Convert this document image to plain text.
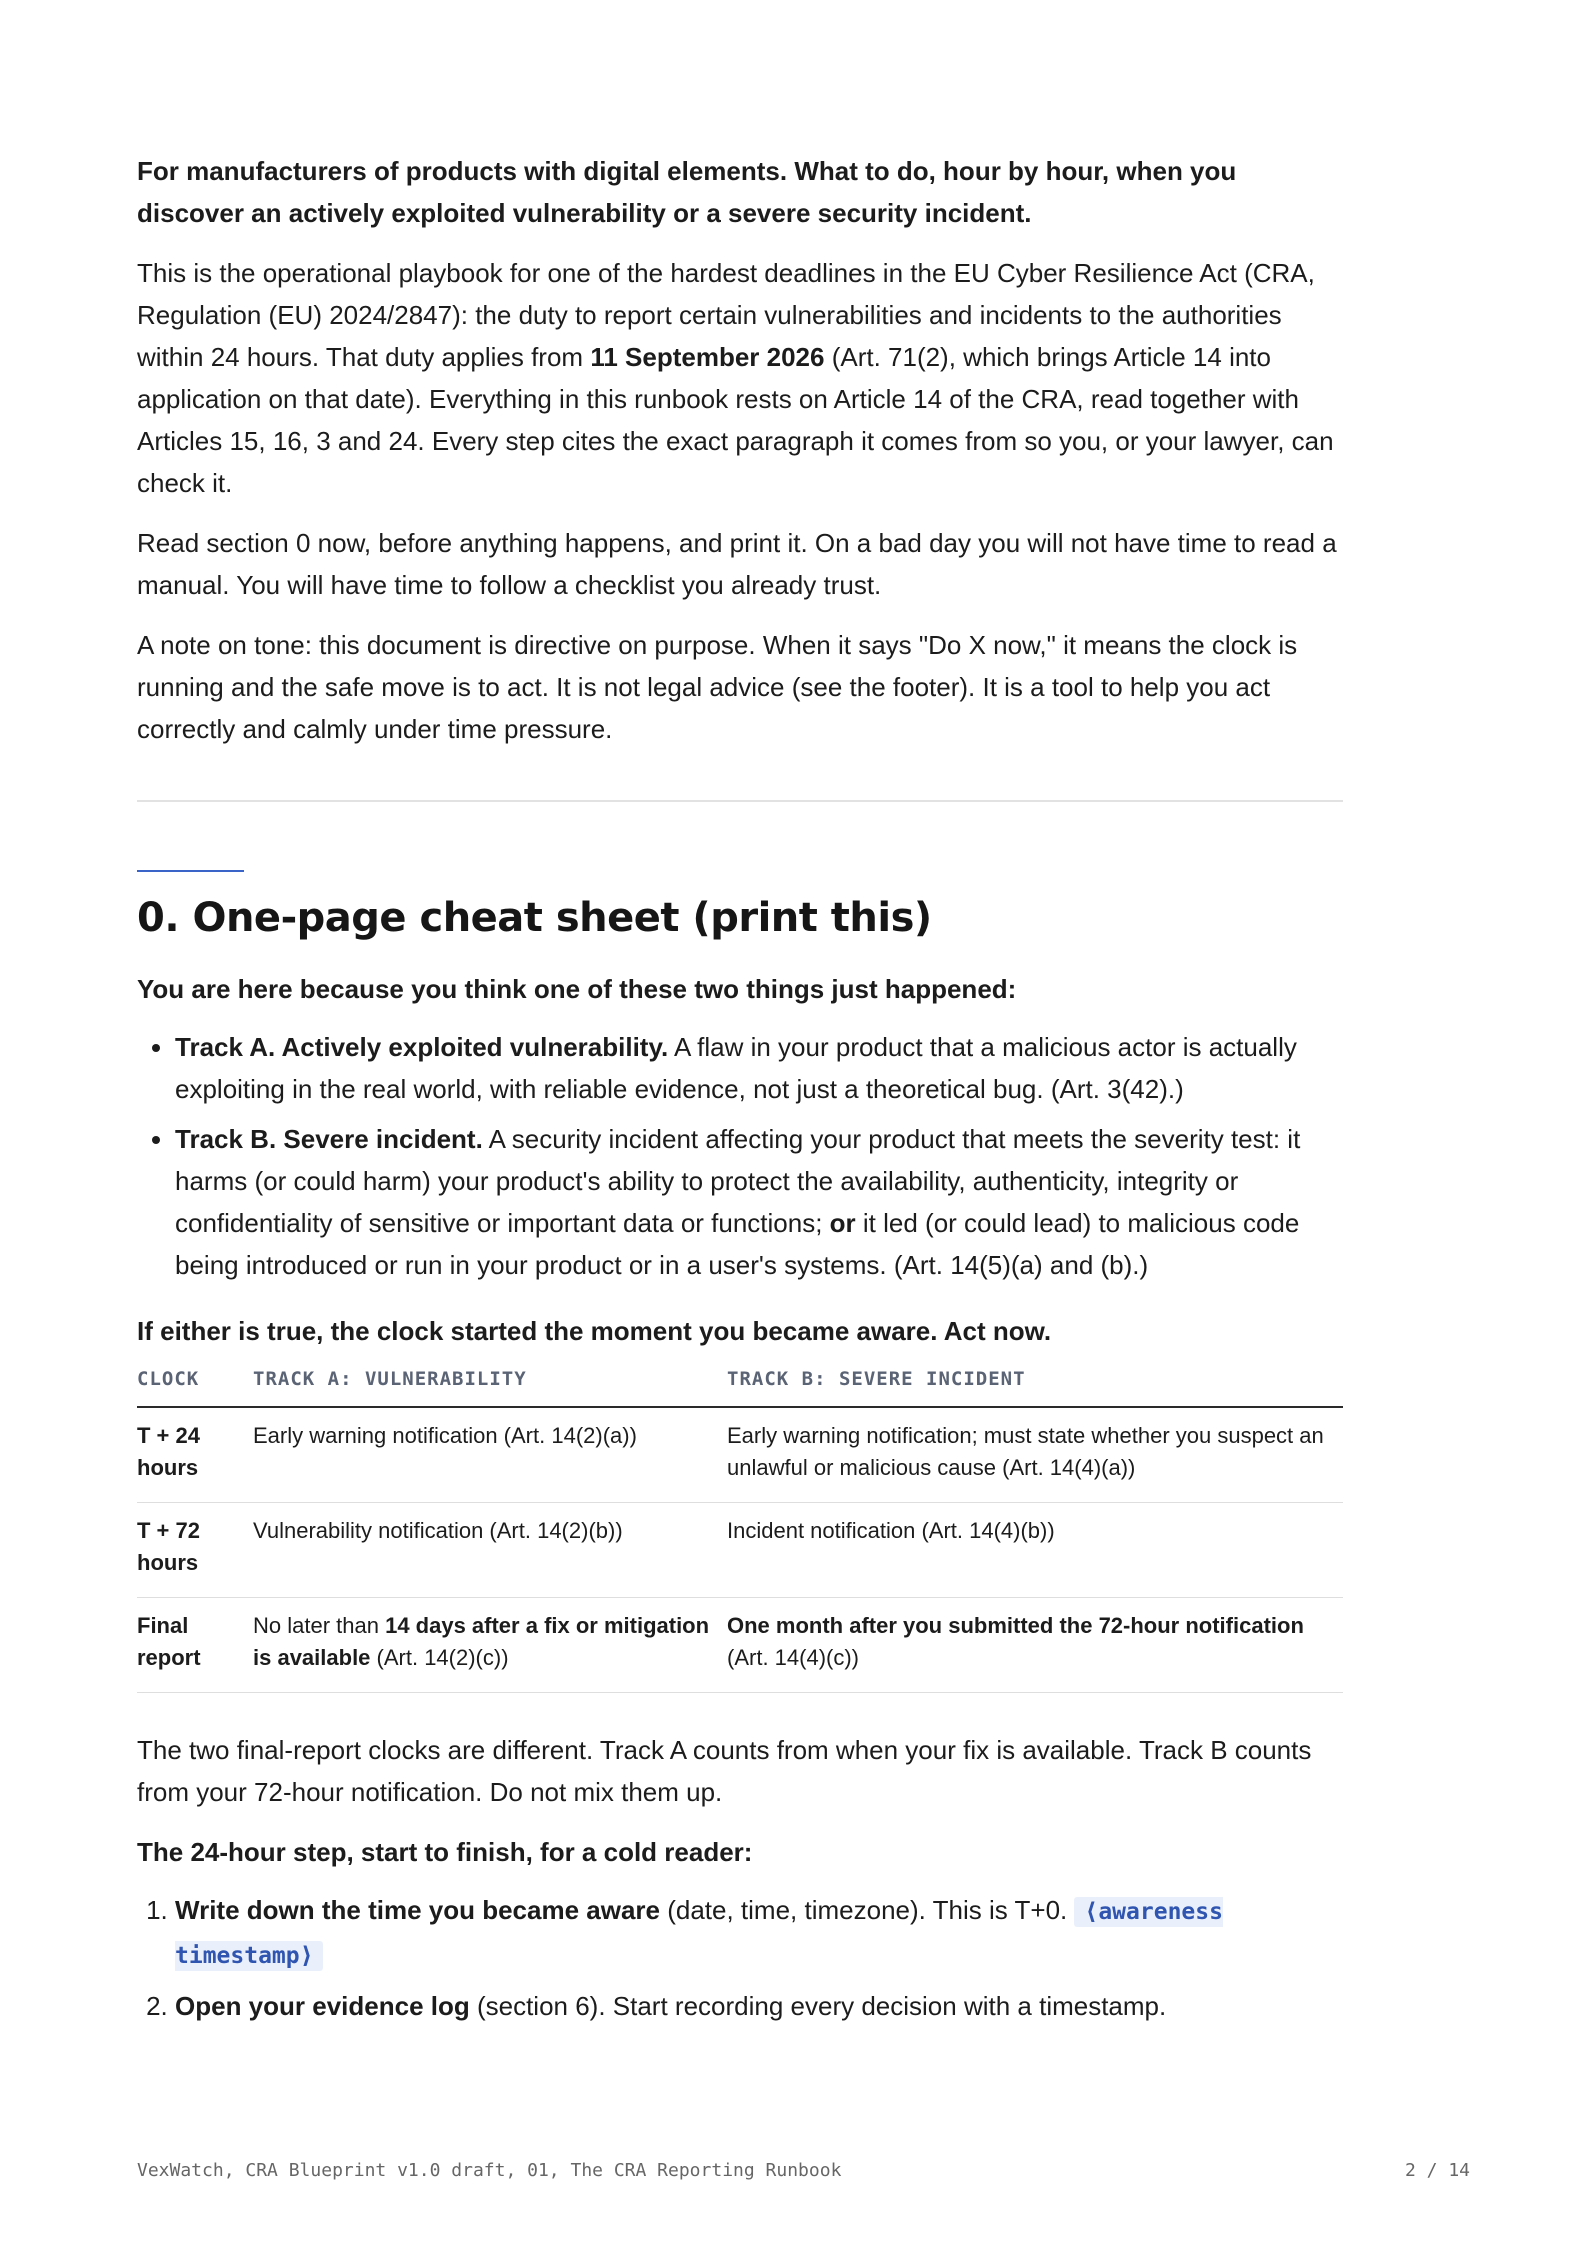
For manufacturers of products with digital elements. What to do, hour by hour, when you discover an actively exploited vulnerability or a severe security incident.

This is the operational playbook for one of the hardest deadlines in the EU Cyber Resilience Act (CRA, Regulation (EU) 2024/2847): the duty to report certain vulnerabilities and incidents to the authorities within 24 hours. That duty applies from 11 September 2026 (Art. 71(2), which brings Article 14 into application on that date). Everything in this runbook rests on Article 14 of the CRA, read together with Articles 15, 16, 3 and 24. Every step cites the exact paragraph it comes from so you, or your lawyer, can check it.

Read section 0 now, before anything happens, and print it. On a bad day you will not have time to read a manual. You will have time to follow a checklist you already trust.

A note on tone: this document is directive on purpose. When it says "Do X now," it means the clock is running and the safe move is to act. It is not legal advice (see the footer). It is a tool to help you act correctly and calmly under time pressure.

0. One-page cheat sheet (print this)

You are here because you think one of these two things just happened:

• Track A. Actively exploited vulnerability. A flaw in your product that a malicious actor is actually exploiting in the real world, with reliable evidence, not just a theoretical bug. (Art. 3(42).)
• Track B. Severe incident. A security incident affecting your product that meets the severity test: it harms (or could harm) your product's ability to protect the availability, authenticity, integrity or confidentiality of sensitive or important data or functions; or it led (or could lead) to malicious code being introduced or run in your product or in a user's systems. (Art. 14(5)(a) and (b).)

If either is true, the clock started the moment you became aware. Act now.

CLOCK	TRACK A: VULNERABILITY	TRACK B: SEVERE INCIDENT
T + 24 hours	Early warning notification (Art. 14(2)(a))	Early warning notification; must state whether you suspect an unlawful or malicious cause (Art. 14(4)(a))
T + 72 hours	Vulnerability notification (Art. 14(2)(b))	Incident notification (Art. 14(4)(b))
Final report	No later than 14 days after a fix or mitigation is available (Art. 14(2)(c))	One month after you submitted the 72-hour notification (Art. 14(4)(c))

The two final-report clocks are different. Track A counts from when your fix is available. Track B counts from your 72-hour notification. Do not mix them up.

The 24-hour step, start to finish, for a cold reader:

1. Write down the time you became aware (date, time, timezone). This is T+0. ⟨awareness timestamp⟩
2. Open your evidence log (section 6). Start recording every decision with a timestamp.
VexWatch, CRA Blueprint v1.0 draft, 01, The CRA Reporting Runbook	2 / 14
